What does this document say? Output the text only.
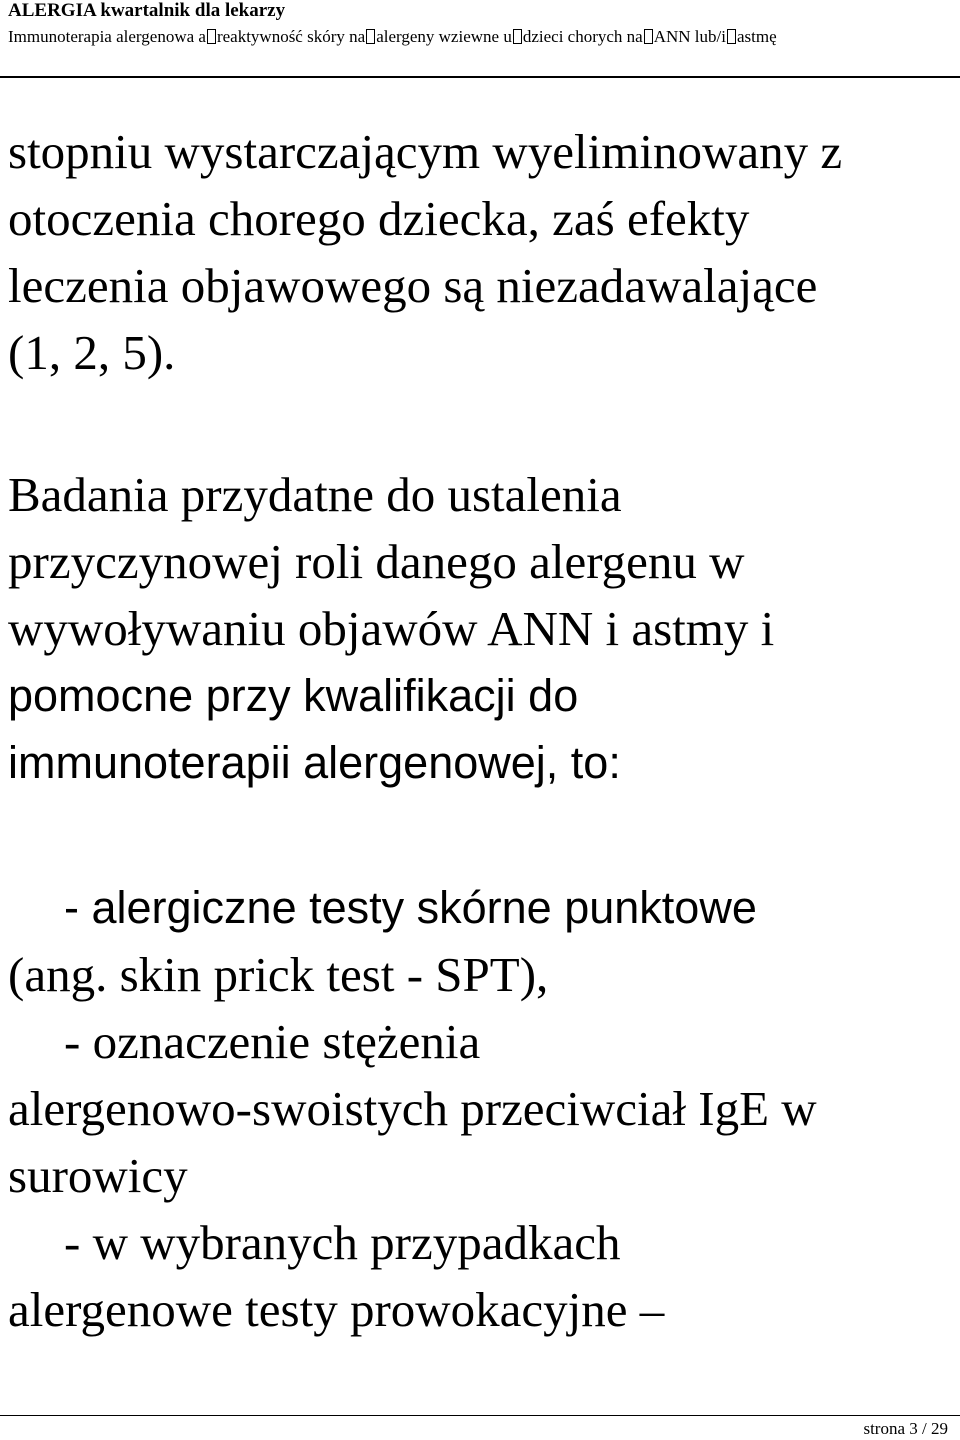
ALERGIA kwartalnik dla lekarzy
Immunoterapia alergenowa a reaktywność skóry na alergeny wziewne u dzieci chorych na ANN lub/i astmę
stopniu wystarczającym wyeliminowany z
otoczenia chorego dziecka, zaś efekty
leczenia objawowego są niezadawalające
(1, 2, 5).
Badania przydatne do ustalenia
przyczynowej roli danego alergenu w
wywoływaniu objawów ANN i astmy i
pomocne przy kwalifikacji do
immunoterapii alergenowej, to:
- alergiczne testy skórne punktowe
(ang. skin prick test - SPT),
- oznaczenie stężenia
alergenowo-swoistych przeciwciał IgE w
surowicy
- w wybranych przypadkach
alergenowe testy prowokacyjne –
strona 3 / 29
